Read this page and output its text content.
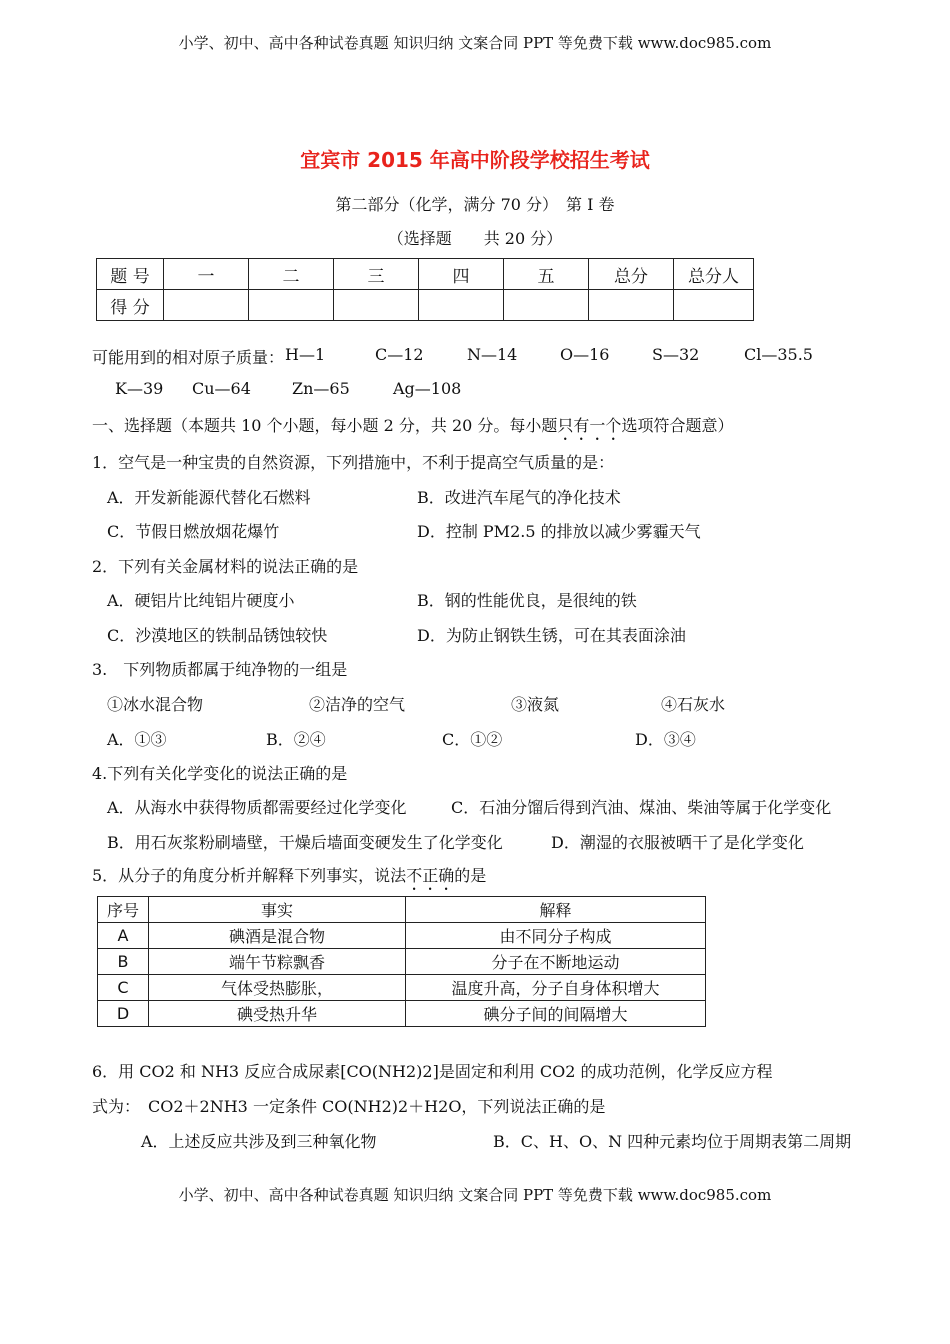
小学、初中、高中各种试卷真题 知识归纳 文案合同 PPT 等免费下载 www.doc985.com
宜宾市 2015 年高中阶段学校招生考试
第二部分（化学，满分 70 分）　第 I 卷
（选择题　　共 20 分）
题 号	一	二	三	四	五	总分	总分人
得 分							
可能用到的相对原子质量： H—1	C—12	N—14	O—16	S—32	Cl—35.5
K—39 Cu—64	Zn—65	Ag—108
一、选择题（本题共 10 个小题，每小题 2 分，共 20 分。每小题只有一个选项符合题意）
1．空气是一种宝贵的自然资源，下列措施中，不利于提高空气质量的是：
A．开发新能源代替化石燃料	B．改进汽车尾气的净化技术
C．节假日燃放烟花爆竹	D．控制 PM2.5 的排放以减少雾霾天气
2．下列有关金属材料的说法正确的是
A．硬铝片比纯铝片硬度小	B．钢的性能优良，是很纯的铁
C．沙漠地区的铁制品锈蚀较快	D．为防止钢铁生锈，可在其表面涂油
3.　下列物质都属于纯净物的一组是
①冰水混合物	②洁净的空气	③液氮	④石灰水
A．①③	B．②④	C．①②	D．③④
4.下列有关化学变化的说法正确的是
A．从海水中获得物质都需要经过化学变化	C．石油分馏后得到汽油、煤油、柴油等属于化学变化
B．用石灰浆粉刷墙壁，干燥后墙面变硬发生了化学变化	D．潮湿的衣服被晒干了是化学变化
5．从分子的角度分析并解释下列事实，说法不正确的是
序号	事实	解释
A	碘酒是混合物	由不同分子构成
B	端午节粽飘香	分子在不断地运动
C	气体受热膨胀，	温度升高，分子自身体积增大
D	碘受热升华	碘分子间的间隔增大
6．用 CO2 和 NH3 反应合成尿素[CO(NH2)2]是固定和利用 CO2 的成功范例，化学反应方程
式为：　CO2＋2NH3 一定条件 CO(NH2)2＋H2O，下列说法正确的是
A．上述反应共涉及到三种氧化物	B．C、H、O、N 四种元素均位于周期表第二周期
小学、初中、高中各种试卷真题 知识归纳 文案合同 PPT 等免费下载 www.doc985.com
